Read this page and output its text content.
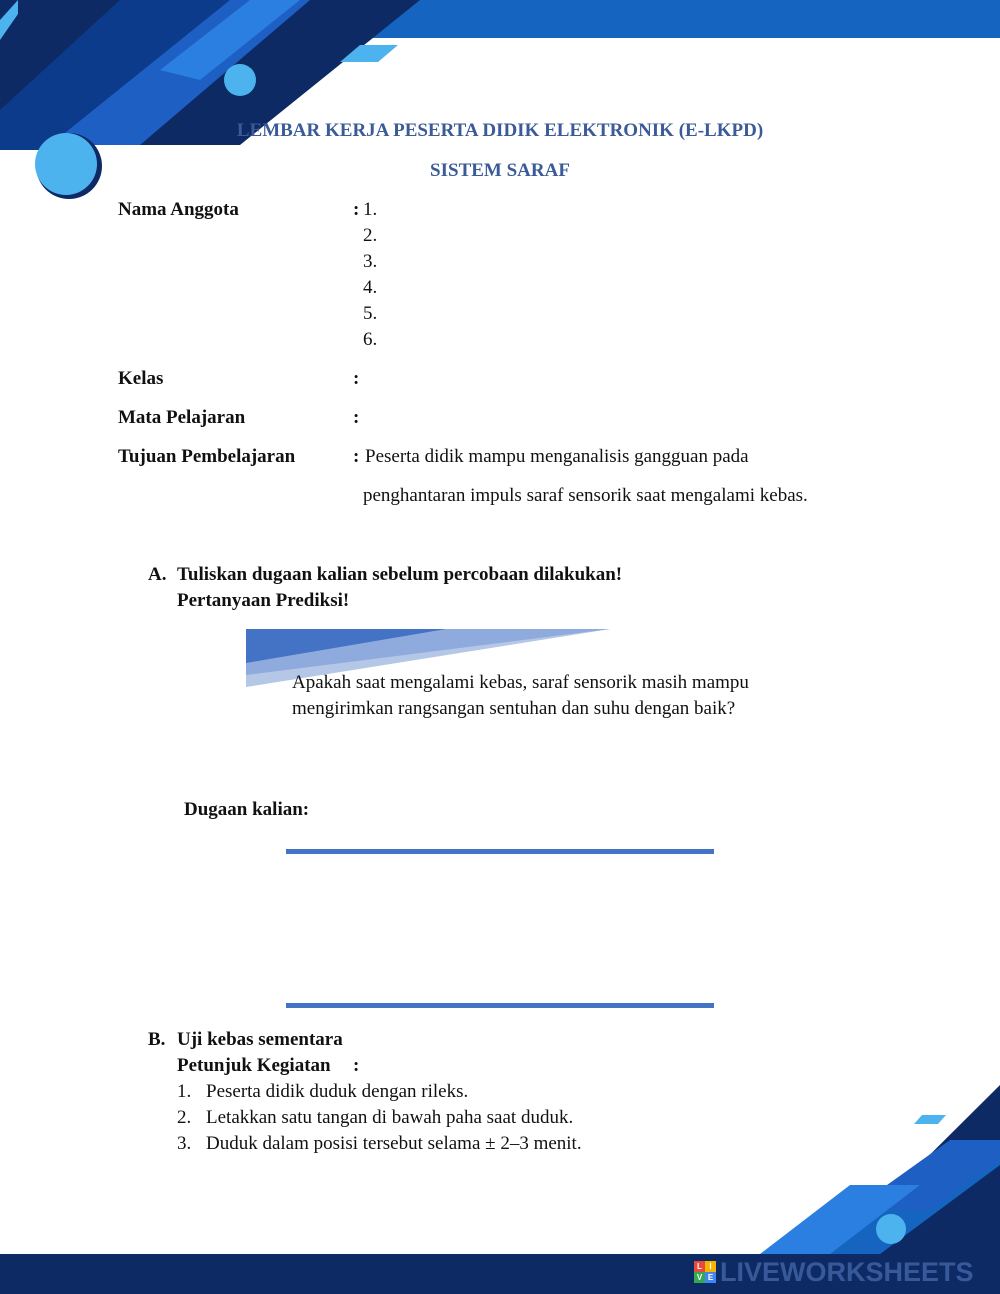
LEMBAR KERJA PESERTA DIDIK ELEKTRONIK (E-LKPD)
SISTEM SARAF
Nama Anggota	: 1.
2.
3.
4.
5.
6.
Kelas	:
Mata Pelajaran	:
Tujuan Pembelajaran	: Peserta didik mampu menganalisis gangguan pada
penghantaran impuls saraf sensorik saat mengalami kebas.
A. Tuliskan dugaan kalian sebelum percobaan dilakukan!
Pertanyaan Prediksi!
Apakah saat mengalami kebas, saraf sensorik masih mampu
mengirimkan rangsangan sentuhan dan suhu dengan baik?
Dugaan kalian:
B. Uji kebas sementara
Petunjuk Kegiatan :
1. Peserta didik duduk dengan rileks.
2. Letakkan satu tangan di bawah paha saat duduk.
3. Duduk dalam posisi tersebut selama ± 2–3 menit.
L I
V E LIVEWORKSHEETS
